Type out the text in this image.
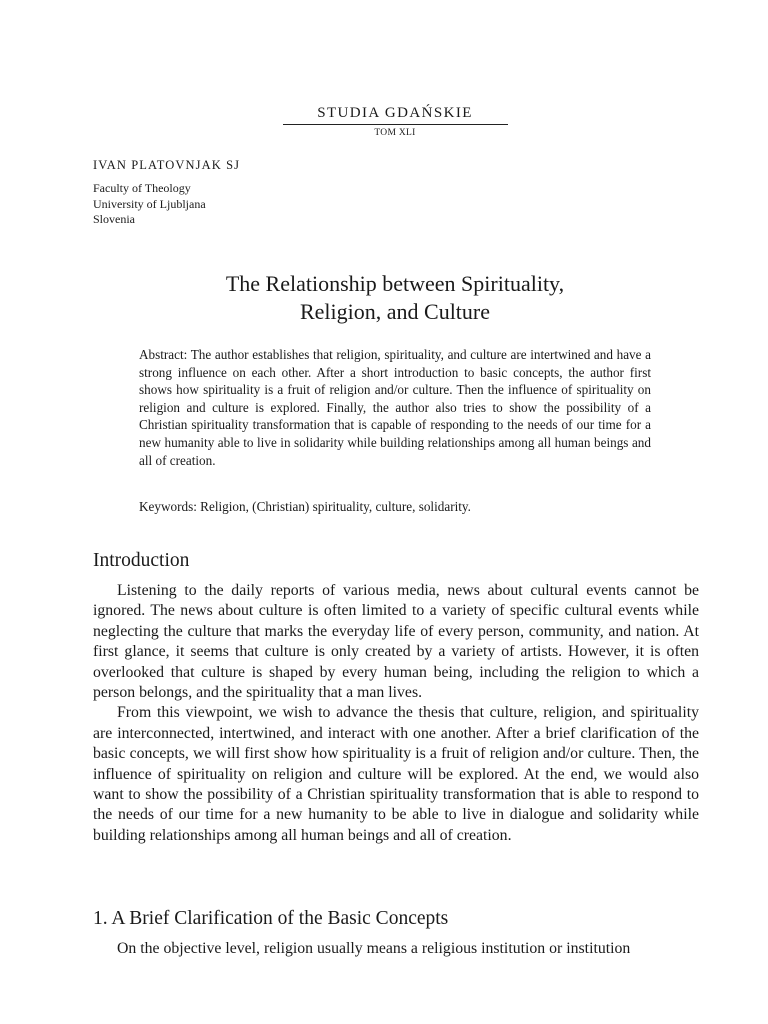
STUDIA GDAŃSKIE
TOM XLI
IVAN PLATOVNJAK SJ
Faculty of Theology
University of Ljubljana
Slovenia
The Relationship between Spirituality,
Religion, and Culture
Abstract: The author establishes that religion, spirituality, and culture are intertwined and have a strong influence on each other. After a short introduction to basic concepts, the author first shows how spirituality is a fruit of religion and/or culture. Then the influence of spirituality on religion and culture is explored. Finally, the author also tries to show the possibility of a Christian spirituality transformation that is capable of responding to the needs of our time for a new humanity able to live in solidarity while building relationships among all human beings and all of creation.
Keywords: Religion, (Christian) spirituality, culture, solidarity.
Introduction

Listening to the daily reports of various media, news about cultural events cannot be ignored. The news about culture is often limited to a variety of specific cultural events while neglecting the culture that marks the everyday life of every person, community, and nation. At first glance, it seems that culture is only created by a variety of artists. However, it is often overlooked that culture is shaped by every human being, including the religion to which a person belongs, and the spirituality that a man lives.

From this viewpoint, we wish to advance the thesis that culture, religion, and spirituality are interconnected, intertwined, and interact with one another. After a brief clarification of the basic concepts, we will first show how spirituality is a fruit of religion and/or culture. Then, the influence of spirituality on religion and culture will be explored. At the end, we would also want to show the possibility of a Christian spirituality transformation that is able to respond to the needs of our time for a new humanity to be able to live in dialogue and solidarity while building relationships among all human beings and all of creation.

1. A Brief Clarification of the Basic Concepts

On the objective level, religion usually means a religious institution or institution
